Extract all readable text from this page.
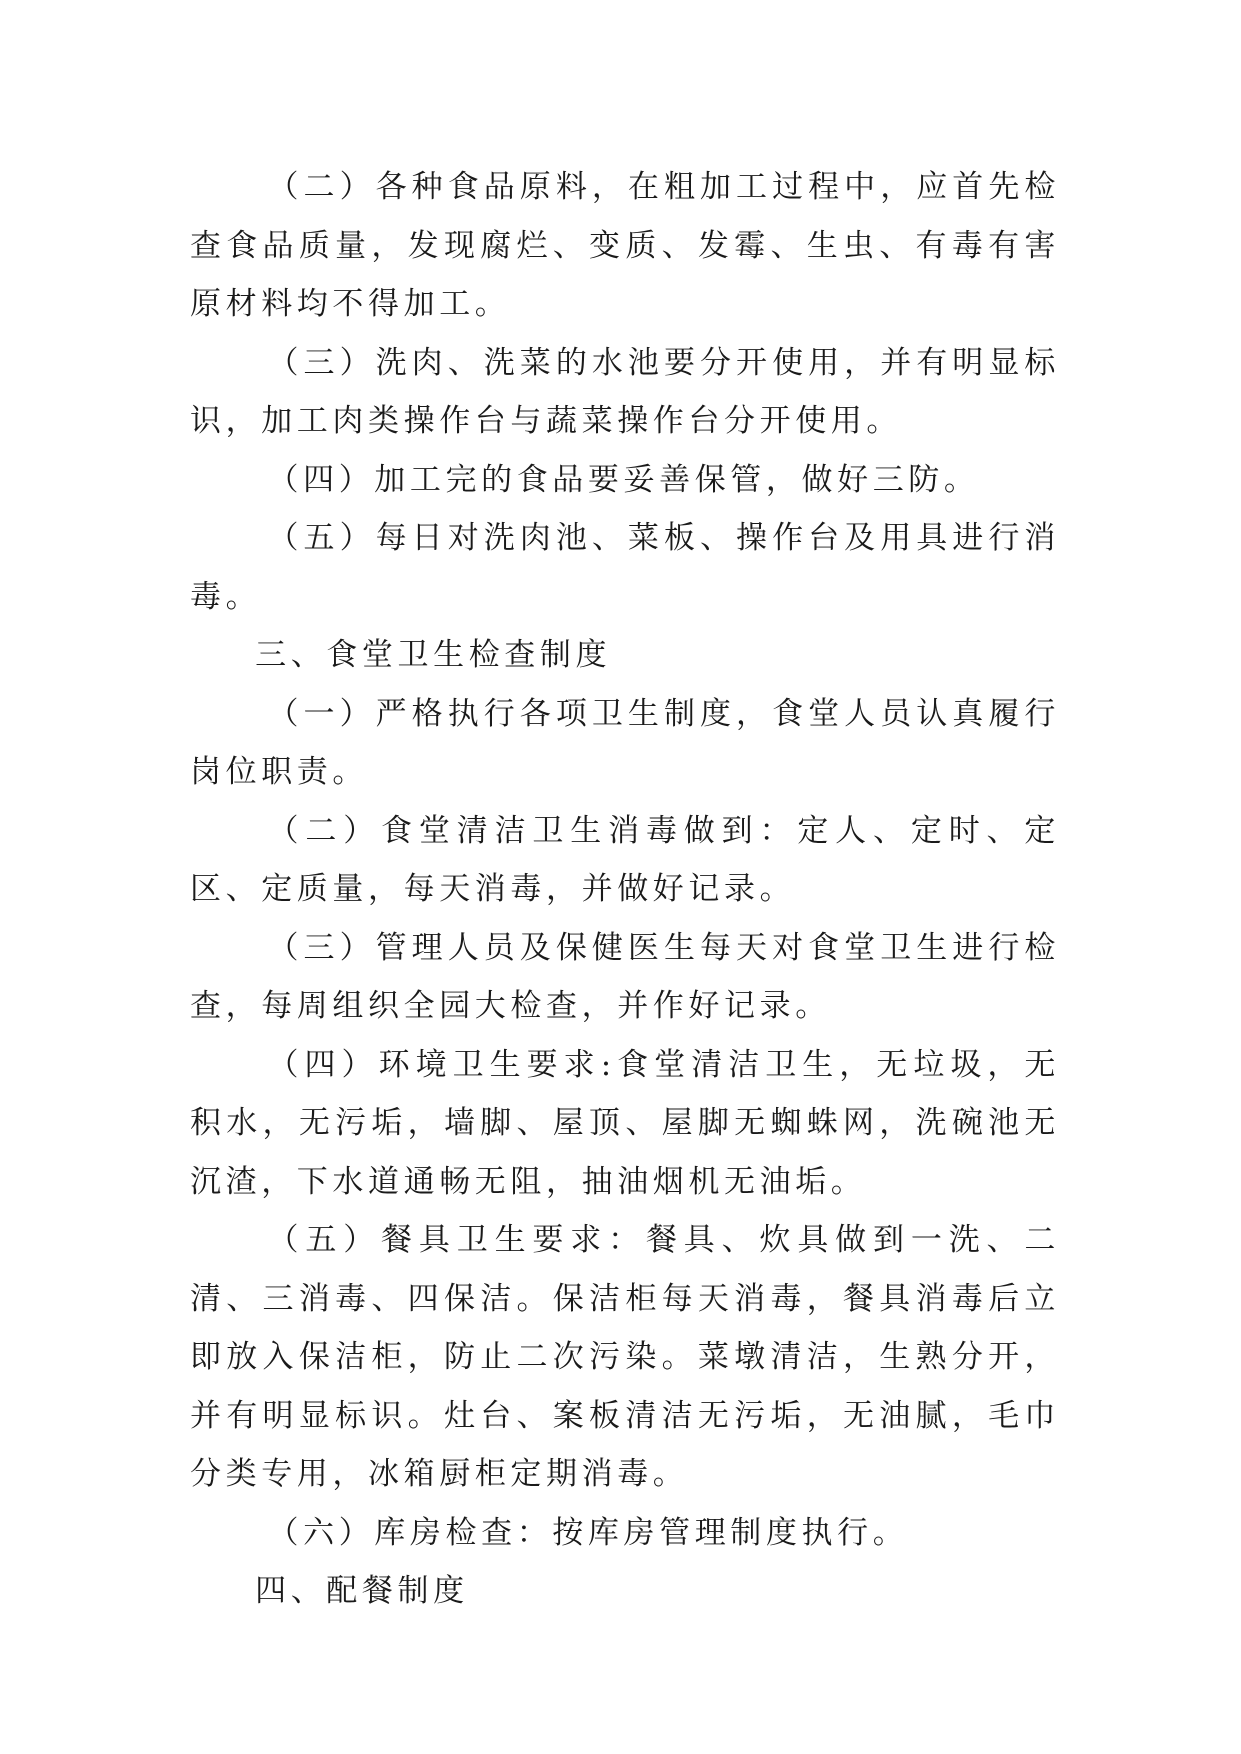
（二）各种食品原料，在粗加工过程中，应首先检查食品质量，发现腐烂、变质、发霉、生虫、有毒有害原材料均不得加工。

（三）洗肉、洗菜的水池要分开使用，并有明显标识，加工肉类操作台与蔬菜操作台分开使用。

（四）加工完的食品要妥善保管，做好三防。

（五）每日对洗肉池、菜板、操作台及用具进行消毒。

三、食堂卫生检查制度

（一）严格执行各项卫生制度，食堂人员认真履行岗位职责。

（二）食堂清洁卫生消毒做到：定人、定时、定区、定质量，每天消毒，并做好记录。

（三）管理人员及保健医生每天对食堂卫生进行检查，每周组织全园大检查，并作好记录。

（四）环境卫生要求:食堂清洁卫生，无垃圾，无积水，无污垢，墙脚、屋顶、屋脚无蜘蛛网，洗碗池无沉渣，下水道通畅无阻，抽油烟机无油垢。

（五）餐具卫生要求：餐具、炊具做到一洗、二清、三消毒、四保洁。保洁柜每天消毒，餐具消毒后立即放入保洁柜，防止二次污染。菜墩清洁，生熟分开，并有明显标识。灶台、案板清洁无污垢，无油腻，毛巾分类专用，冰箱厨柜定期消毒。

（六）库房检查：按库房管理制度执行。

四、配餐制度
